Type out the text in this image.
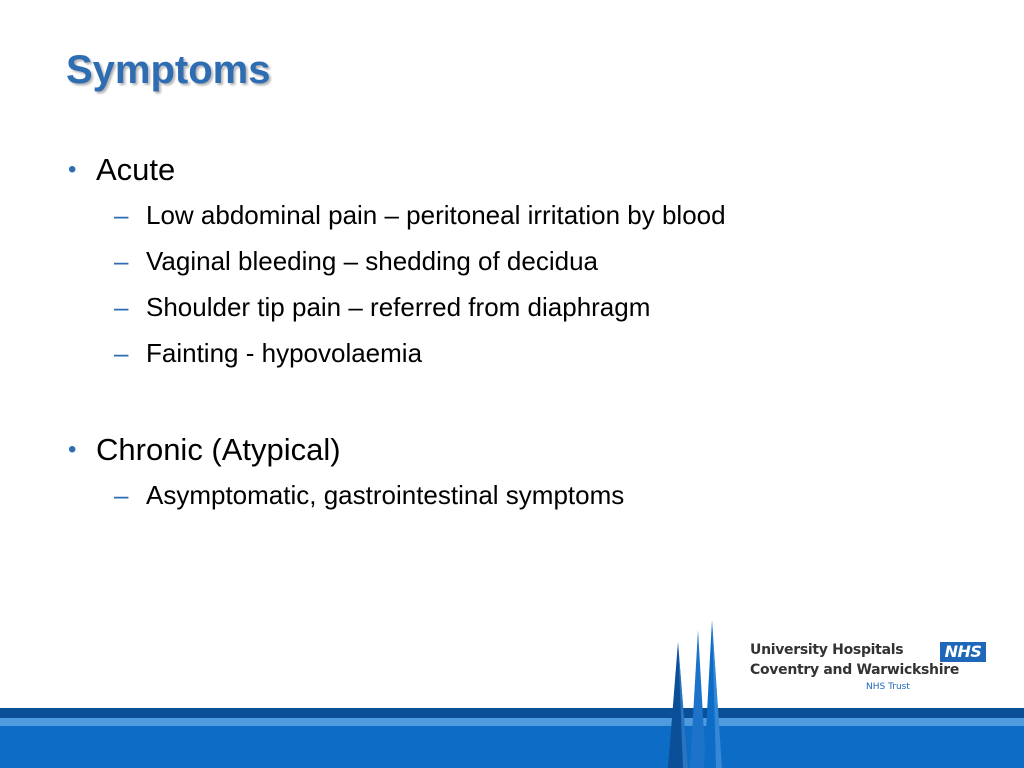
Symptoms
• Acute
– Low abdominal pain – peritoneal irritation by blood
– Vaginal bleeding – shedding of decidua
– Shoulder tip pain – referred from diaphragm
– Fainting - hypovolaemia
• Chronic (Atypical)
– Asymptomatic, gastrointestinal symptoms
University Hospitals	NHS
Coventry and Warwickshire
NHS Trust
